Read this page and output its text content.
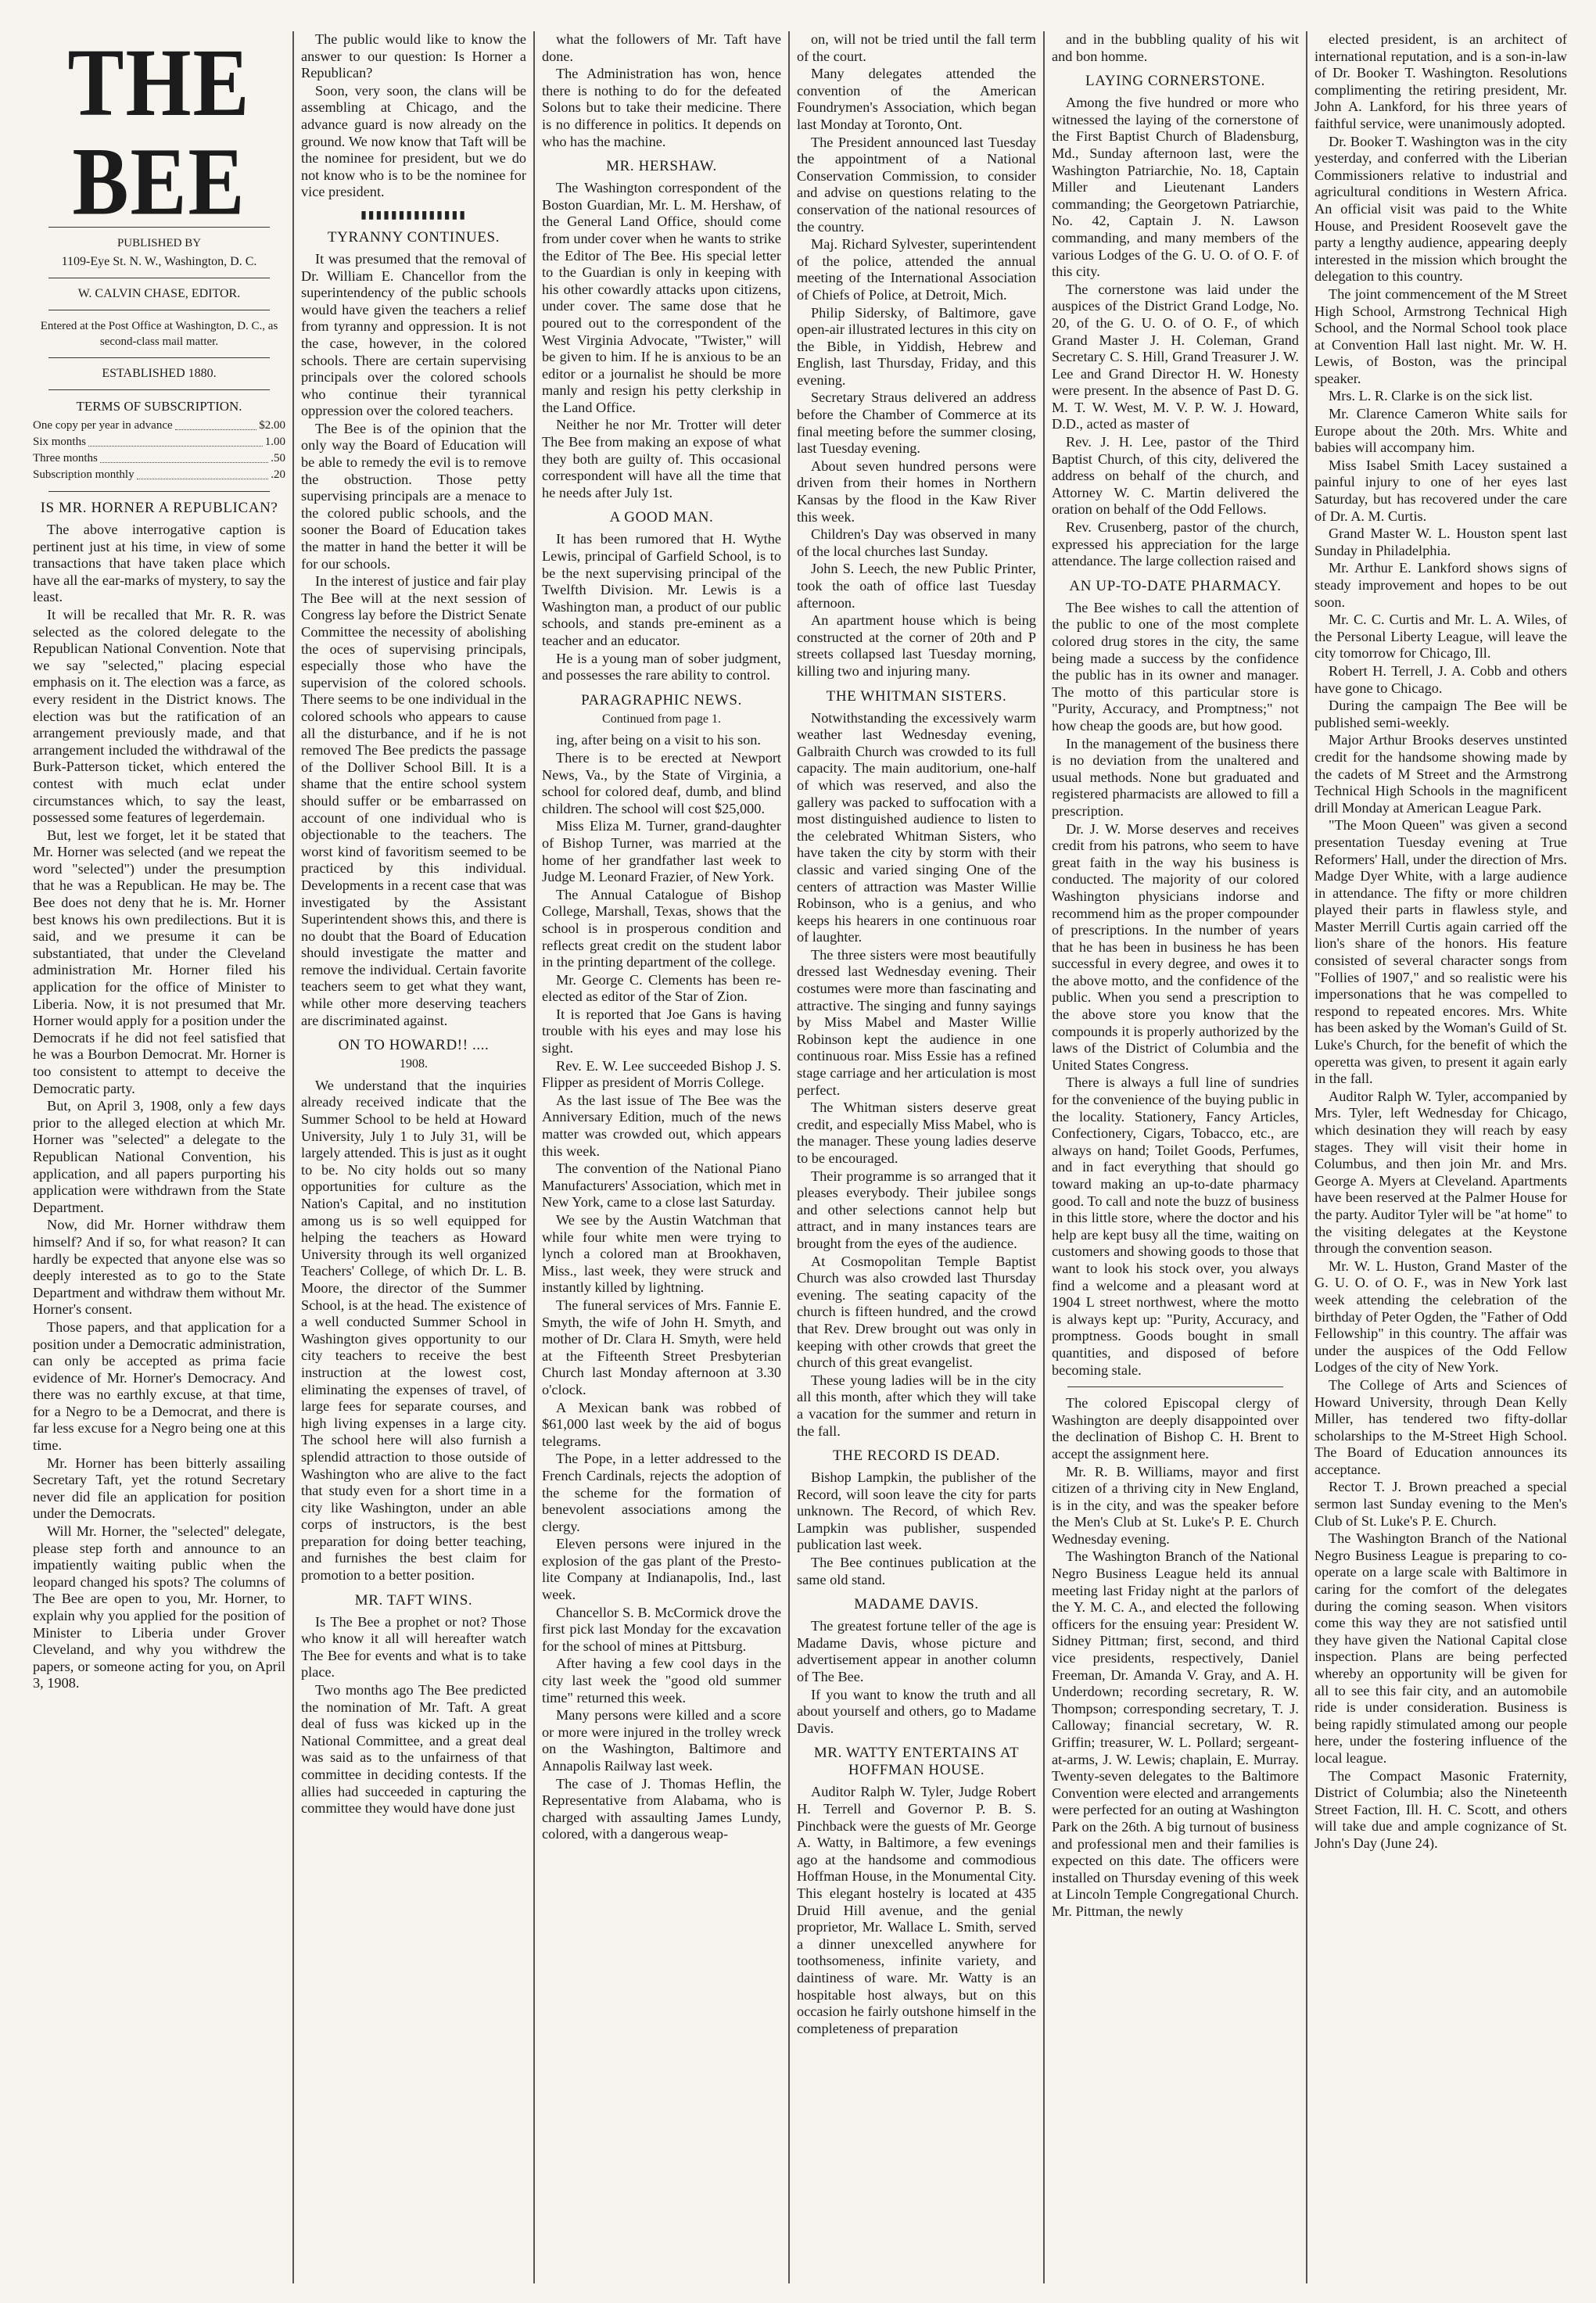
THE BEE
PUBLISHED BY
1109-Eye St. N. W., Washington, D. C.
W. CALVIN CHASE, EDITOR.
Entered at the Post Office at Washington, D. C., as second-class mail matter.
ESTABLISHED 1880.
TERMS OF SUBSCRIPTION.
One copy per year in advance	$2.00
Six months	1.00
Three months	.50
Subscription monthly	.20
IS MR. HORNER A REPUBLICAN?

The above interrogative caption is pertinent just at his time, in view of some transactions that have taken place which have all the ear-marks of mystery, to say the least.

It will be recalled that Mr. R. R. was selected as the colored delegate to the Republican National Convention. Note that we say "selected," placing especial emphasis on it. The election was a farce, as every resident in the District knows. The election was but the ratification of an arrangement previously made, and that arrangement included the withdrawal of the Burk-Patterson ticket, which entered the contest with much eclat under circumstances which, to say the least, possessed some features of legerdemain.

But, lest we forget, let it be stated that Mr. Horner was selected (and we repeat the word "selected") under the presumption that he was a Republican. He may be. The Bee does not deny that he is. Mr. Horner best knows his own predilections. But it is said, and we presume it can be substantiated, that under the Cleveland administration Mr. Horner filed his application for the office of Minister to Liberia. Now, it is not presumed that Mr. Horner would apply for a position under the Democrats if he did not feel satisfied that he was a Bourbon Democrat. Mr. Horner is too consistent to attempt to deceive the Democratic party.

But, on April 3, 1908, only a few days prior to the alleged election at which Mr. Horner was "selected" a delegate to the Republican National Convention, his application, and all papers purporting his application were withdrawn from the State Department.

Now, did Mr. Horner withdraw them himself? And if so, for what reason? It can hardly be expected that anyone else was so deeply interested as to go to the State Department and withdraw them without Mr. Horner's consent.

Those papers, and that application for a position under a Democratic administration, can only be accepted as prima facie evidence of Mr. Horner's Democracy. And there was no earthly excuse, at that time, for a Negro to be a Democrat, and there is far less excuse for a Negro being one at this time.

Mr. Horner has been bitterly assailing Secretary Taft, yet the rotund Secretary never did file an application for position under the Democrats.

Will Mr. Horner, the "selected" delegate, please step forth and announce to an impatiently waiting public when the leopard changed his spots? The columns of The Bee are open to you, Mr. Horner, to explain why you applied for the position of Minister to Liberia under Grover Cleveland, and why you withdrew the papers, or someone acting for you, on April 3, 1908.

The public would like to know the answer to our question: Is Horner a Republican?

Soon, very soon, the clans will be assembling at Chicago, and the advance guard is now already on the ground. We now know that Taft will be the nominee for president, but we do not know who is to be the nominee for vice president.

▮▮▮▮▮▮▮▮▮▮▮▮▮▮
TYRANNY CONTINUES.

It was presumed that the removal of Dr. William E. Chancellor from the superintendency of the public schools would have given the teachers a relief from tyranny and oppression. It is not the case, however, in the colored schools. There are certain supervising principals over the colored schools who continue their tyrannical oppression over the colored teachers.

The Bee is of the opinion that the only way the Board of Education will be able to remedy the evil is to remove the obstruction. Those petty supervising principals are a menace to the colored public schools, and the sooner the Board of Education takes the matter in hand the better it will be for our schools.

In the interest of justice and fair play The Bee will at the next session of Congress lay before the District Senate Committee the necessity of abolishing the oces of supervising principals, especially those who have the supervision of the colored schools. There seems to be one individual in the colored schools who appears to cause all the disturbance, and if he is not removed The Bee predicts the passage of the Dolliver School Bill. It is a shame that the entire school system should suffer or be embarrassed on account of one individual who is objectionable to the teachers. The worst kind of favoritism seemed to be practiced by this individual. Developments in a recent case that was investigated by the Assistant Superintendent shows this, and there is no doubt that the Board of Education should investigate the matter and remove the individual. Certain favorite teachers seem to get what they want, while other more deserving teachers are discriminated against.

ON TO HOWARD!! ....
1908.

We understand that the inquiries already received indicate that the Summer School to be held at Howard University, July 1 to July 31, will be largely attended. This is just as it ought to be. No city holds out so many opportunities for culture as the Nation's Capital, and no institution among us is so well equipped for helping the teachers as Howard University through its well organized Teachers' College, of which Dr. L. B. Moore, the director of the Summer School, is at the head. The existence of a well conducted Summer School in Washington gives opportunity to our city teachers to receive the best instruction at the lowest cost, eliminating the expenses of travel, of large fees for separate courses, and high living expenses in a large city. The school here will also furnish a splendid attraction to those outside of Washington who are alive to the fact that study even for a short time in a city like Washington, under an able corps of instructors, is the best preparation for doing better teaching, and furnishes the best claim for promotion to a better position.

MR. TAFT WINS.

Is The Bee a prophet or not? Those who know it all will hereafter watch The Bee for events and what is to take place.

Two months ago The Bee predicted the nomination of Mr. Taft. A great deal of fuss was kicked up in the National Committee, and a great deal was said as to the unfairness of that committee in deciding contests. If the allies had succeeded in capturing the committee they would have done just

what the followers of Mr. Taft have done.

The Administration has won, hence there is nothing to do for the defeated Solons but to take their medicine. There is no difference in politics. It depends on who has the machine.

MR. HERSHAW.

The Washington correspondent of the Boston Guardian, Mr. L. M. Hershaw, of the General Land Office, should come from under cover when he wants to strike the Editor of The Bee. His special letter to the Guardian is only in keeping with his other cowardly attacks upon citizens, under cover. The same dose that he poured out to the correspondent of the West Virginia Advocate, "Twister," will be given to him. If he is anxious to be an editor or a journalist he should be more manly and resign his petty clerkship in the Land Office.

Neither he nor Mr. Trotter will deter The Bee from making an expose of what they both are guilty of. This occasional correspondent will have all the time that he needs after July 1st.

A GOOD MAN.

It has been rumored that H. Wythe Lewis, principal of Garfield School, is to be the next supervising principal of the Twelfth Division. Mr. Lewis is a Washington man, a product of our public schools, and stands pre-eminent as a teacher and an educator.

He is a young man of sober judgment, and possesses the rare ability to control.

PARAGRAPHIC NEWS.
Continued from page 1.

ing, after being on a visit to his son.

There is to be erected at Newport News, Va., by the State of Virginia, a school for colored deaf, dumb, and blind children. The school will cost $25,000.

Miss Eliza M. Turner, grand-daughter of Bishop Turner, was married at the home of her grandfather last week to Judge M. Leonard Frazier, of New York.

The Annual Catalogue of Bishop College, Marshall, Texas, shows that the school is in prosperous condition and reflects great credit on the student labor in the printing department of the college.

Mr. George C. Clements has been re-elected as editor of the Star of Zion.

It is reported that Joe Gans is having trouble with his eyes and may lose his sight.

Rev. E. W. Lee succeeded Bishop J. S. Flipper as president of Morris College.

As the last issue of The Bee was the Anniversary Edition, much of the news matter was crowded out, which appears this week.

The convention of the National Piano Manufacturers' Association, which met in New York, came to a close last Saturday.

We see by the Austin Watchman that while four white men were trying to lynch a colored man at Brookhaven, Miss., last week, they were struck and instantly killed by lightning.

The funeral services of Mrs. Fannie E. Smyth, the wife of John H. Smyth, and mother of Dr. Clara H. Smyth, were held at the Fifteenth Street Presbyterian Church last Monday afternoon at 3.30 o'clock.

A Mexican bank was robbed of $61,000 last week by the aid of bogus telegrams.

The Pope, in a letter addressed to the French Cardinals, rejects the adoption of the scheme for the formation of benevolent associations among the clergy.

Eleven persons were injured in the explosion of the gas plant of the Presto-lite Company at Indianapolis, Ind., last week.

Chancellor S. B. McCormick drove the first pick last Monday for the excavation for the school of mines at Pittsburg.

After having a few cool days in the city last week the "good old summer time" returned this week.

Many persons were killed and a score or more were injured in the trolley wreck on the Washington, Baltimore and Annapolis Railway last week.

The case of J. Thomas Heflin, the Representative from Alabama, who is charged with assaulting James Lundy, colored, with a dangerous weap-

on, will not be tried until the fall term of the court.

Many delegates attended the convention of the American Foundrymen's Association, which began last Monday at Toronto, Ont.

The President announced last Tuesday the appointment of a National Conservation Commission, to consider and advise on questions relating to the conservation of the national resources of the country.

Maj. Richard Sylvester, superintendent of the police, attended the annual meeting of the International Association of Chiefs of Police, at Detroit, Mich.

Philip Sidersky, of Baltimore, gave open-air illustrated lectures in this city on the Bible, in Yiddish, Hebrew and English, last Thursday, Friday, and this evening.

Secretary Straus delivered an address before the Chamber of Commerce at its final meeting before the summer closing, last Tuesday evening.

About seven hundred persons were driven from their homes in Northern Kansas by the flood in the Kaw River this week.

Children's Day was observed in many of the local churches last Sunday.

John S. Leech, the new Public Printer, took the oath of office last Tuesday afternoon.

An apartment house which is being constructed at the corner of 20th and P streets collapsed last Tuesday morning, killing two and injuring many.

THE WHITMAN SISTERS.

Notwithstanding the excessively warm weather last Wednesday evening, Galbraith Church was crowded to its full capacity. The main auditorium, one-half of which was reserved, and also the gallery was packed to suffocation with a most distinguished audience to listen to the celebrated Whitman Sisters, who have taken the city by storm with their classic and varied singing One of the centers of attraction was Master Willie Robinson, who is a genius, and who keeps his hearers in one continuous roar of laughter.

The three sisters were most beautifully dressed last Wednesday evening. Their costumes were more than fascinating and attractive. The singing and funny sayings by Miss Mabel and Master Willie Robinson kept the audience in one continuous roar. Miss Essie has a refined stage carriage and her articulation is most perfect.

The Whitman sisters deserve great credit, and especially Miss Mabel, who is the manager. These young ladies deserve to be encouraged.

Their programme is so arranged that it pleases everybody. Their jubilee songs and other selections cannot help but attract, and in many instances tears are brought from the eyes of the audience.

At Cosmopolitan Temple Baptist Church was also crowded last Thursday evening. The seating capacity of the church is fifteen hundred, and the crowd that Rev. Drew brought out was only in keeping with other crowds that greet the church of this great evangelist.

These young ladies will be in the city all this month, after which they will take a vacation for the summer and return in the fall.

THE RECORD IS DEAD.

Bishop Lampkin, the publisher of the Record, will soon leave the city for parts unknown. The Record, of which Rev. Lampkin was publisher, suspended publication last week.

The Bee continues publication at the same old stand.

MADAME DAVIS.

The greatest fortune teller of the age is Madame Davis, whose picture and advertisement appear in another column of The Bee.

If you want to know the truth and all about yourself and others, go to Madame Davis.

MR. WATTY ENTERTAINS AT HOFFMAN HOUSE.

Auditor Ralph W. Tyler, Judge Robert H. Terrell and Governor P. B. S. Pinchback were the guests of Mr. George A. Watty, in Baltimore, a few evenings ago at the handsome and commodious Hoffman House, in the Monumental City. This elegant hostelry is located at 435 Druid Hill avenue, and the genial proprietor, Mr. Wallace L. Smith, served a dinner unexcelled anywhere for toothsomeness, infinite variety, and daintiness of ware. Mr. Watty is an hospitable host always, but on this occasion he fairly outshone himself in the completeness of preparation

and in the bubbling quality of his wit and bon homme.

LAYING CORNERSTONE.

Among the five hundred or more who witnessed the laying of the cornerstone of the First Baptist Church of Bladensburg, Md., Sunday afternoon last, were the Washington Patriarchie, No. 18, Captain Miller and Lieutenant Landers commanding; the Georgetown Patriarchie, No. 42, Captain J. N. Lawson commanding, and many members of the various Lodges of the G. U. O. of O. F. of this city.

The cornerstone was laid under the auspices of the District Grand Lodge, No. 20, of the G. U. O. of O. F., of which Grand Master J. H. Coleman, Grand Secretary C. S. Hill, Grand Treasurer J. W. Lee and Grand Director H. W. Honesty were present. In the absence of Past D. G. M. T. W. West, M. V. P. W. J. Howard, D.D., acted as master of

Rev. J. H. Lee, pastor of the Third Baptist Church, of this city, delivered the address on behalf of the church, and Attorney W. C. Martin delivered the oration on behalf of the Odd Fellows.

Rev. Crusenberg, pastor of the church, expressed his appreciation for the large attendance. The large collection raised and

AN UP-TO-DATE PHARMACY.

The Bee wishes to call the attention of the public to one of the most complete colored drug stores in the city, the same being made a success by the confidence the public has in its owner and manager. The motto of this particular store is "Purity, Accuracy, and Promptness;" not how cheap the goods are, but how good.

In the management of the business there is no deviation from the unaltered and usual methods. None but graduated and registered pharmacists are allowed to fill a prescription.

Dr. J. W. Morse deserves and receives credit from his patrons, who seem to have great faith in the way his business is conducted. The majority of our colored Washington physicians indorse and recommend him as the proper compounder of prescriptions. In the number of years that he has been in business he has been successful in every degree, and owes it to the above motto, and the confidence of the public. When you send a prescription to the above store you know that the compounds it is properly authorized by the laws of the District of Columbia and the United States Congress.

There is always a full line of sundries for the convenience of the buying public in the locality. Stationery, Fancy Articles, Confectionery, Cigars, Tobacco, etc., are always on hand; Toilet Goods, Perfumes, and in fact everything that should go toward making an up-to-date pharmacy good. To call and note the buzz of business in this little store, where the doctor and his help are kept busy all the time, waiting on customers and showing goods to those that want to look his stock over, you always find a welcome and a pleasant word at 1904 L street northwest, where the motto is always kept up: "Purity, Accuracy, and promptness. Goods bought in small quantities, and disposed of before becoming stale.

The colored Episcopal clergy of Washington are deeply disappointed over the declination of Bishop C. H. Brent to accept the assignment here.

Mr. R. B. Williams, mayor and first citizen of a thriving city in New England, is in the city, and was the speaker before the Men's Club at St. Luke's P. E. Church Wednesday evening.

The Washington Branch of the National Negro Business League held its annual meeting last Friday night at the parlors of the Y. M. C. A., and elected the following officers for the ensuing year: President W. Sidney Pittman; first, second, and third vice presidents, respectively, Daniel Freeman, Dr. Amanda V. Gray, and A. H. Underdown; recording secretary, R. W. Thompson; corresponding secretary, T. J. Calloway; financial secretary, W. R. Griffin; treasurer, W. L. Pollard; sergeant-at-arms, J. W. Lewis; chaplain, E. Murray. Twenty-seven delegates to the Baltimore Convention were elected and arrangements were perfected for an outing at Washington Park on the 26th. A big turnout of business and professional men and their families is expected on this date. The officers were installed on Thursday evening of this week at Lincoln Temple Congregational Church. Mr. Pittman, the newly

elected president, is an architect of international reputation, and is a son-in-law of Dr. Booker T. Washington. Resolutions complimenting the retiring president, Mr. John A. Lankford, for his three years of faithful service, were unanimously adopted.

Dr. Booker T. Washington was in the city yesterday, and conferred with the Liberian Commissioners relative to industrial and agricultural conditions in Western Africa. An official visit was paid to the White House, and President Roosevelt gave the party a lengthy audience, appearing deeply interested in the mission which brought the delegation to this country.

The joint commencement of the M Street High School, Armstrong Technical High School, and the Normal School took place at Convention Hall last night. Mr. W. H. Lewis, of Boston, was the principal speaker.

Mrs. L. R. Clarke is on the sick list.

Mr. Clarence Cameron White sails for Europe about the 20th. Mrs. White and babies will accompany him.

Miss Isabel Smith Lacey sustained a painful injury to one of her eyes last Saturday, but has recovered under the care of Dr. A. M. Curtis.

Grand Master W. L. Houston spent last Sunday in Philadelphia.

Mr. Arthur E. Lankford shows signs of steady improvement and hopes to be out soon.

Mr. C. C. Curtis and Mr. L. A. Wiles, of the Personal Liberty League, will leave the city tomorrow for Chicago, Ill.

Robert H. Terrell, J. A. Cobb and others have gone to Chicago.

During the campaign The Bee will be published semi-weekly.

Major Arthur Brooks deserves unstinted credit for the handsome showing made by the cadets of M Street and the Armstrong Technical High Schools in the magnificent drill Monday at American League Park.

"The Moon Queen" was given a second presentation Tuesday evening at True Reformers' Hall, under the direction of Mrs. Madge Dyer White, with a large audience in attendance. The fifty or more children played their parts in flawless style, and Master Merrill Curtis again carried off the lion's share of the honors. His feature consisted of several character songs from "Follies of 1907," and so realistic were his impersonations that he was compelled to respond to repeated encores. Mrs. White has been asked by the Woman's Guild of St. Luke's Church, for the benefit of which the operetta was given, to present it again early in the fall.

Auditor Ralph W. Tyler, accompanied by Mrs. Tyler, left Wednesday for Chicago, which desination they will reach by easy stages. They will visit their home in Columbus, and then join Mr. and Mrs. George A. Myers at Cleveland. Apartments have been reserved at the Palmer House for the party. Auditor Tyler will be "at home" to the visiting delegates at the Keystone through the convention season.

Mr. W. L. Huston, Grand Master of the G. U. O. of O. F., was in New York last week attending the celebration of the birthday of Peter Ogden, the "Father of Odd Fellowship" in this country. The affair was under the auspices of the Odd Fellow Lodges of the city of New York.

The College of Arts and Sciences of Howard University, through Dean Kelly Miller, has tendered two fifty-dollar scholarships to the M-Street High School. The Board of Education announces its acceptance.

Rector T. J. Brown preached a special sermon last Sunday evening to the Men's Club of St. Luke's P. E. Church.

The Washington Branch of the National Negro Business League is preparing to co-operate on a large scale with Baltimore in caring for the comfort of the delegates during the coming season. When visitors come this way they are not satisfied until they have given the National Capital close inspection. Plans are being perfected whereby an opportunity will be given for all to see this fair city, and an automobile ride is under consideration. Business is being rapidly stimulated among our people here, under the fostering influence of the local league.

The Compact Masonic Fraternity, District of Columbia; also the Nineteenth Street Faction, Ill. H. C. Scott, and others will take due and ample cognizance of St. John's Day (June 24).
